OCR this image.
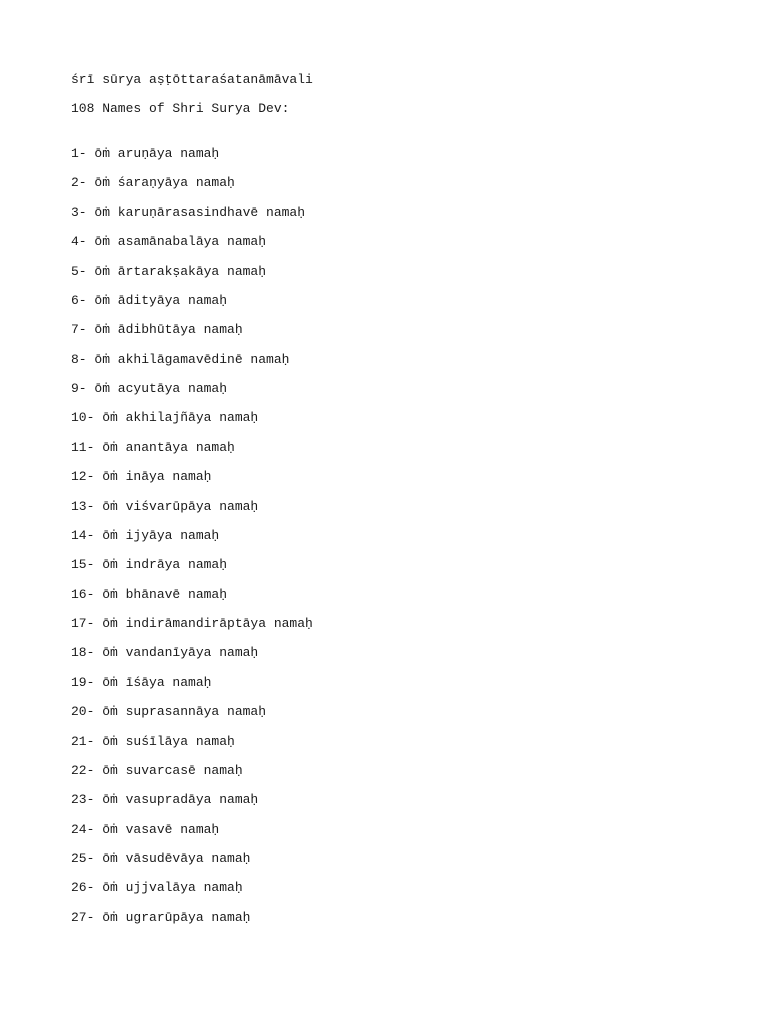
śrī sūrya aṣṭōttaraśatanāmāvali
108 Names of Shri Surya Dev:
1- ōṁ aruṇāya namaḥ
2- ōṁ śaraṇyāya namaḥ
3- ōṁ karuṇārasasindhavē namaḥ
4- ōṁ asamānabalāya namaḥ
5- ōṁ ārtarakṣakāya namaḥ
6- ōṁ ādityāya namaḥ
7- ōṁ ādibhūtāya namaḥ
8- ōṁ akhilāgamavēdinē namaḥ
9- ōṁ acyutāya namaḥ
10- ōṁ akhilajñāya namaḥ
11- ōṁ anantāya namaḥ
12- ōṁ ināya namaḥ
13- ōṁ viśvarūpāya namaḥ
14- ōṁ ijyāya namaḥ
15- ōṁ indrāya namaḥ
16- ōṁ bhānavē namaḥ
17- ōṁ indirāmandirāptāya namaḥ
18- ōṁ vandanīyāya namaḥ
19- ōṁ īśāya namaḥ
20- ōṁ suprasannāya namaḥ
21- ōṁ suśīlāya namaḥ
22- ōṁ suvarcasē namaḥ
23- ōṁ vasupradāya namaḥ
24- ōṁ vasavē namaḥ
25- ōṁ vāsudēvāya namaḥ
26- ōṁ ujjvalāya namaḥ
27- ōṁ ugrarūpāya namaḥ
